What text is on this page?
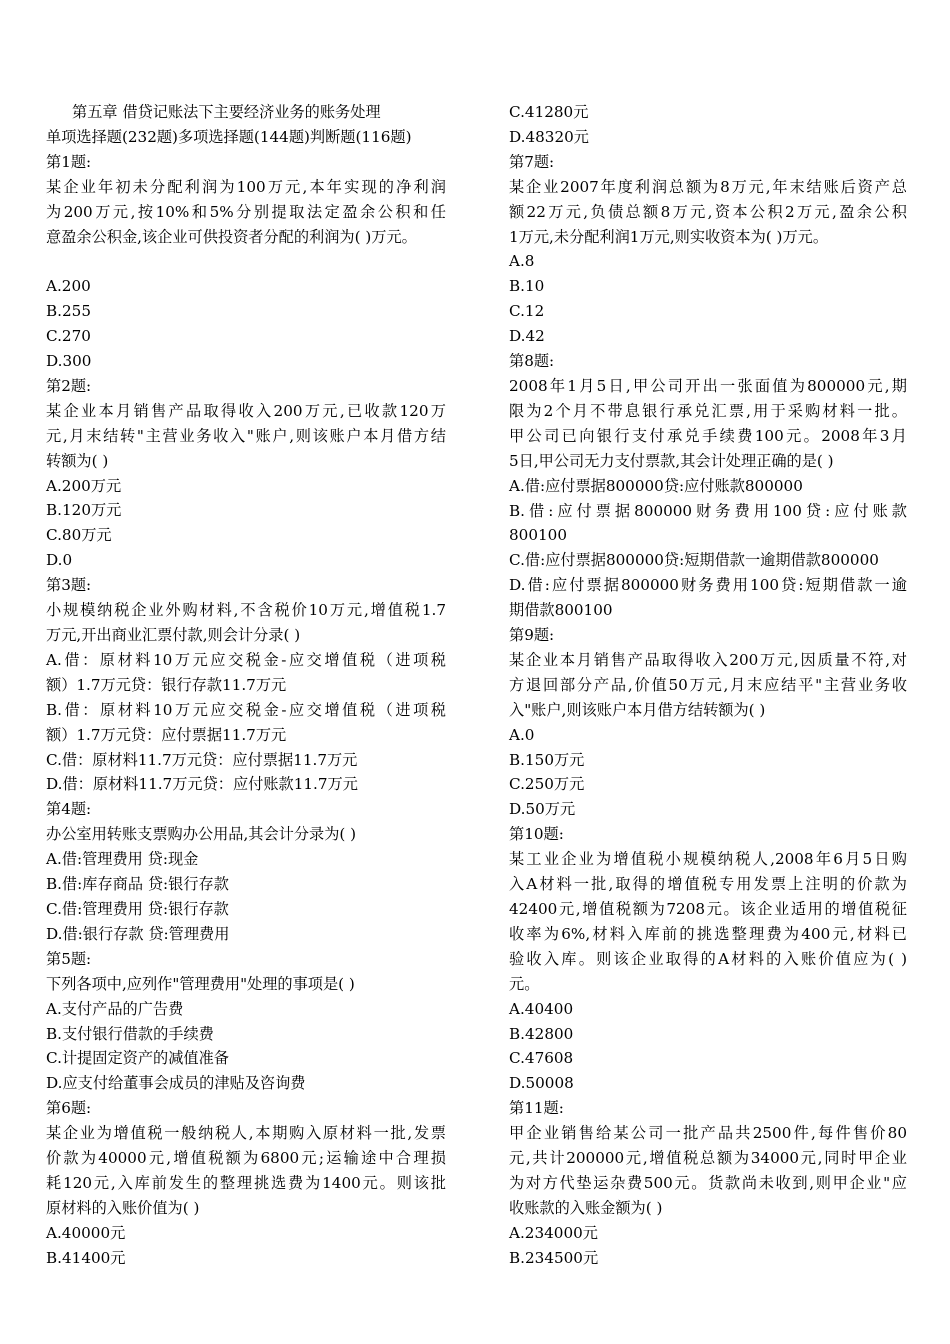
第五章 借贷记账法下主要经济业务的账务处理
单项选择题(232题)多项选择题(144题)判断题(116题)
第1题:
某企业年初未分配利润为100万元,本年实现的净利润
为200万元,按10%和5%分别提取法定盈余公积和任
意盈余公积金,该企业可供投资者分配的利润为( )万元。
A.200
B.255
C.270
D.300
第2题:
某企业本月销售产品取得收入200万元,已收款120万
元,月末结转"主营业务收入"账户,则该账户本月借方结
转额为( )
A.200万元
B.120万元
C.80万元
D.0
第3题:
小规模纳税企业外购材料,不含税价10万元,增值税1.7
万元,开出商业汇票付款,则会计分录( )
A.借：原材料10万元应交税金-应交增值税（进项税
额）1.7万元贷：银行存款11.7万元
B.借：原材料10万元应交税金-应交增值税（进项税
额）1.7万元贷：应付票据11.7万元
C.借：原材料11.7万元贷：应付票据11.7万元
D.借：原材料11.7万元贷：应付账款11.7万元
第4题:
办公室用转账支票购办公用品,其会计分录为( )
A.借:管理费用 贷:现金
B.借:库存商品 贷:银行存款
C.借:管理费用 贷:银行存款
D.借:银行存款 贷:管理费用
第5题:
下列各项中,应列作"管理费用"处理的事项是( )
A.支付产品的广告费
B.支付银行借款的手续费
C.计提固定资产的减值准备
D.应支付给董事会成员的津贴及咨询费
第6题:
某企业为增值税一般纳税人,本期购入原材料一批,发票
价款为40000元,增值税额为6800元;运输途中合理损
耗120元,入库前发生的整理挑选费为1400元。则该批
原材料的入账价值为( )
A.40000元
B.41400元
C.41280元
D.48320元
第7题:
某企业2007年度利润总额为8万元,年末结账后资产总
额22万元,负债总额8万元,资本公积2万元,盈余公积
1万元,未分配利润1万元,则实收资本为( )万元。
A.8
B.10
C.12
D.42
第8题:
2008年1月5日,甲公司开出一张面值为800000元,期
限为2个月不带息银行承兑汇票,用于采购材料一批。
甲公司已向银行支付承兑手续费100元。2008年3月
5日,甲公司无力支付票款,其会计处理正确的是( )
A.借:应付票据800000贷:应付账款800000
B.借:应付票据800000财务费用100贷:应付账款
800100
C.借:应付票据800000贷:短期借款一逾期借款800000
D.借:应付票据800000财务费用100贷:短期借款一逾
期借款800100
第9题:
某企业本月销售产品取得收入200万元,因质量不符,对
方退回部分产品,价值50万元,月末应结平"主营业务收
入"账户,则该账户本月借方结转额为( )
A.0
B.150万元
C.250万元
D.50万元
第10题:
某工业企业为增值税小规模纳税人,2008年6月5日购
入A材料一批,取得的增值税专用发票上注明的价款为
42400元,增值税额为7208元。该企业适用的增值税征
收率为6%,材料入库前的挑选整理费为400元,材料已
验收入库。则该企业取得的A材料的入账价值应为( )
元。
A.40400
B.42800
C.47608
D.50008
第11题:
甲企业销售给某公司一批产品共2500件,每件售价80
元,共计200000元,增值税总额为34000元,同时甲企业
为对方代垫运杂费500元。货款尚未收到,则甲企业"应
收账款的入账金额为( )
A.234000元
B.234500元
